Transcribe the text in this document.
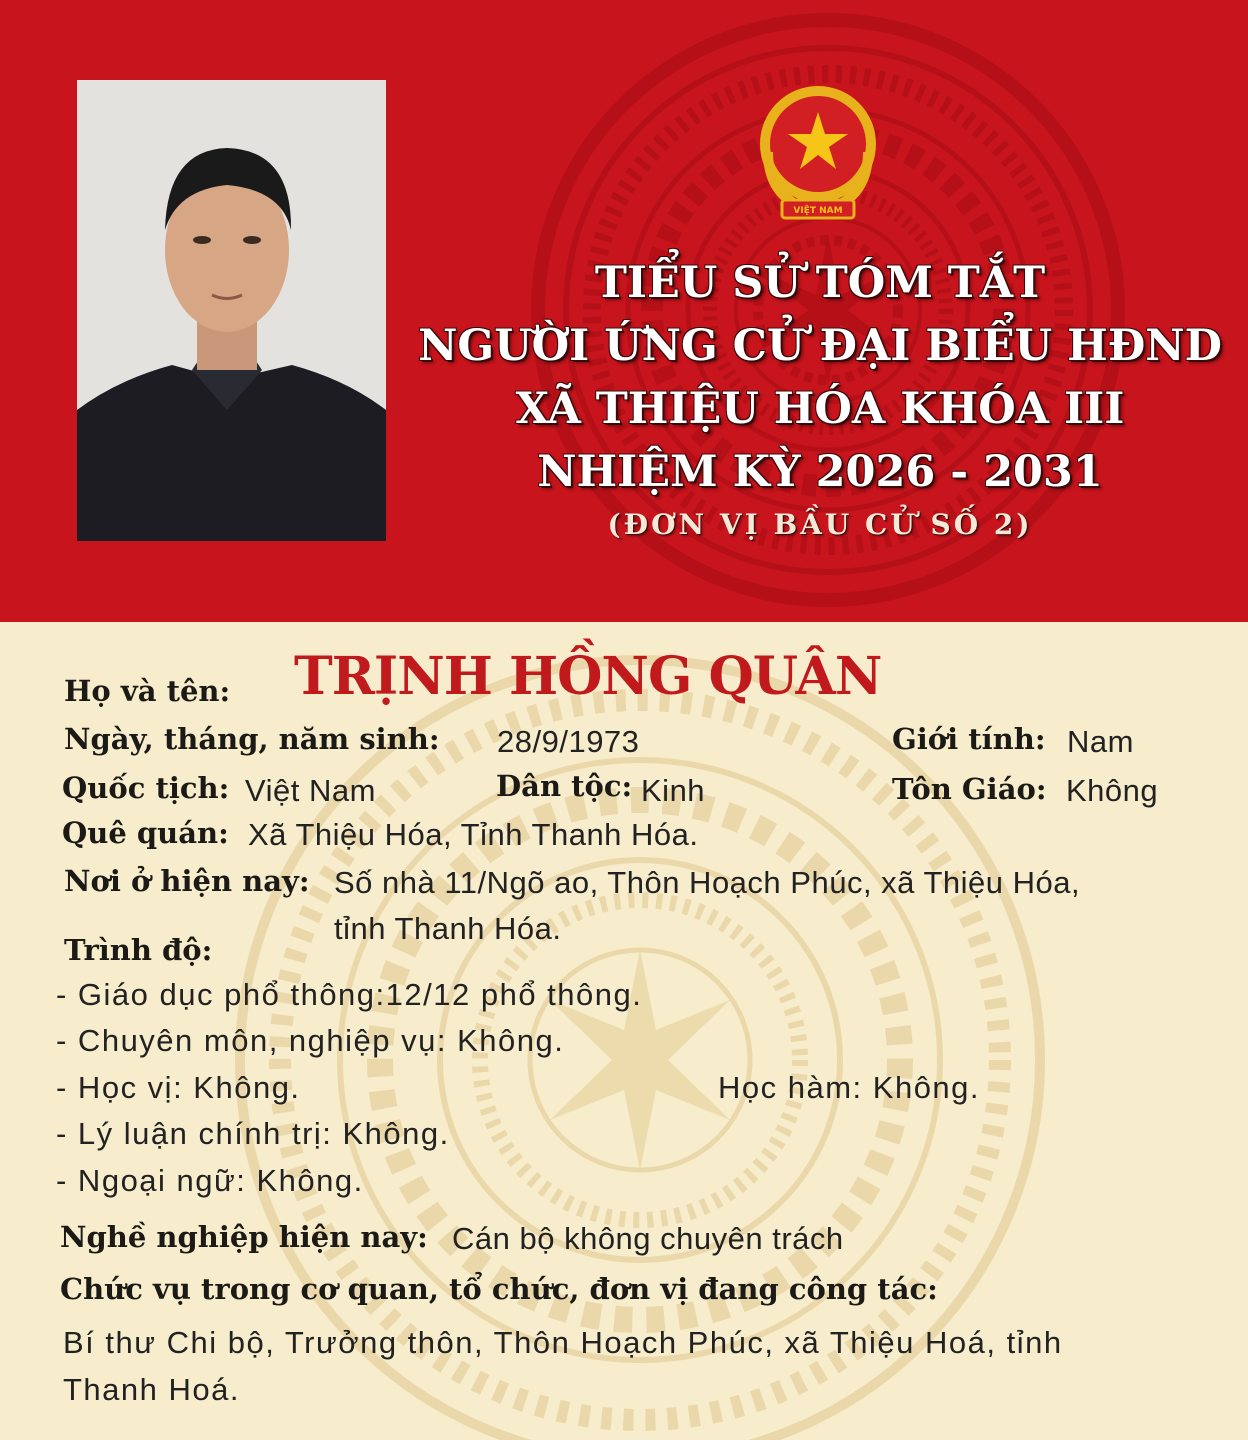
VIỆT NAM
TIỂU SỬ TÓM TẮT
NGƯỜI ỨNG CỬ ĐẠI BIỂU HĐND
XÃ THIỆU HÓA KHÓA III
NHIỆM KỲ 2026 - 2031
(ĐƠN VỊ BẦU CỬ SỐ 2)
Họ và tên: TRỊNH HỒNG QUÂN
Ngày, tháng, năm sinh: 28/9/1973	Giới tính: Nam
Quốc tịch: Việt Nam	Dân tộc: Kinh	Tôn Giáo: Không
Quê quán: Xã Thiệu Hóa, Tỉnh Thanh Hóa.
Nơi ở hiện nay: Số nhà 11/Ngõ ao, Thôn Hoạch Phúc, xã Thiệu Hóa,
tỉnh Thanh Hóa.
Trình độ:
- Giáo dục phổ thông:12/12 phổ thông.
- Chuyên môn, nghiệp vụ: Không.
- Học vị: Không.	Học hàm: Không.
- Lý luận chính trị: Không.
- Ngoại ngữ: Không.
Nghề nghiệp hiện nay: Cán bộ không chuyên trách
Chức vụ trong cơ quan, tổ chức, đơn vị đang công tác:
Bí thư Chi bộ, Trưởng thôn, Thôn Hoạch Phúc, xã Thiệu Hoá, tỉnh
Thanh Hoá.
